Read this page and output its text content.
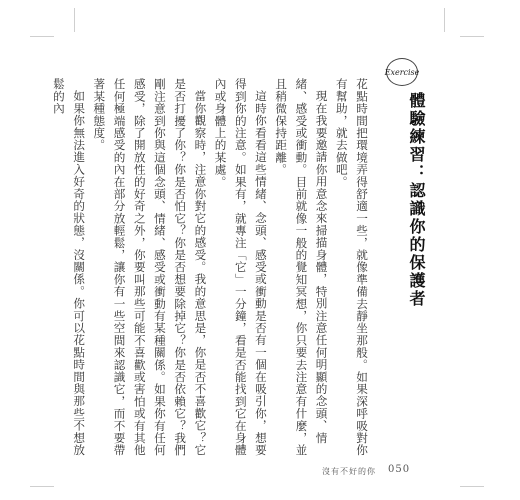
Exercise
體驗練習：認識你的保護者

花點時間把環境弄得舒適一些，就像準備去靜坐那般。如果深呼吸對你有幫助，就去做吧。

現在我要邀請你用意念來掃描身體，特別注意任何明顯的念頭、情緒、感受或衝動。目前就像一般的覺知冥想，你只要去注意有什麼，並且稍微保持距離。

這時你看看這些情緒、念頭、感受或衝動是否有一個在吸引你，想要得到你的注意。如果有，就專注「它」一分鐘，看是否能找到它在身體內或身體上的某處。

當你觀察時，注意你對它的感受。我的意思是，你是否不喜歡它？它是否打擾了你？你是否怕它？你是否想要除掉它？你是否依賴它？我們剛注意到你與這個念頭、情緒、感受或衝動有某種關係。如果你有任何感受，除了開放性的好奇之外，你要叫那些可能不喜歡或害怕或有其他任何極端感受的內在部分放輕鬆，讓你有一些空間來認識它，而不要帶著某種態度。

如果你無法進入好奇的狀態，沒關係。你可以花點時間與那些不想放鬆的內

沒有不好的你 050
